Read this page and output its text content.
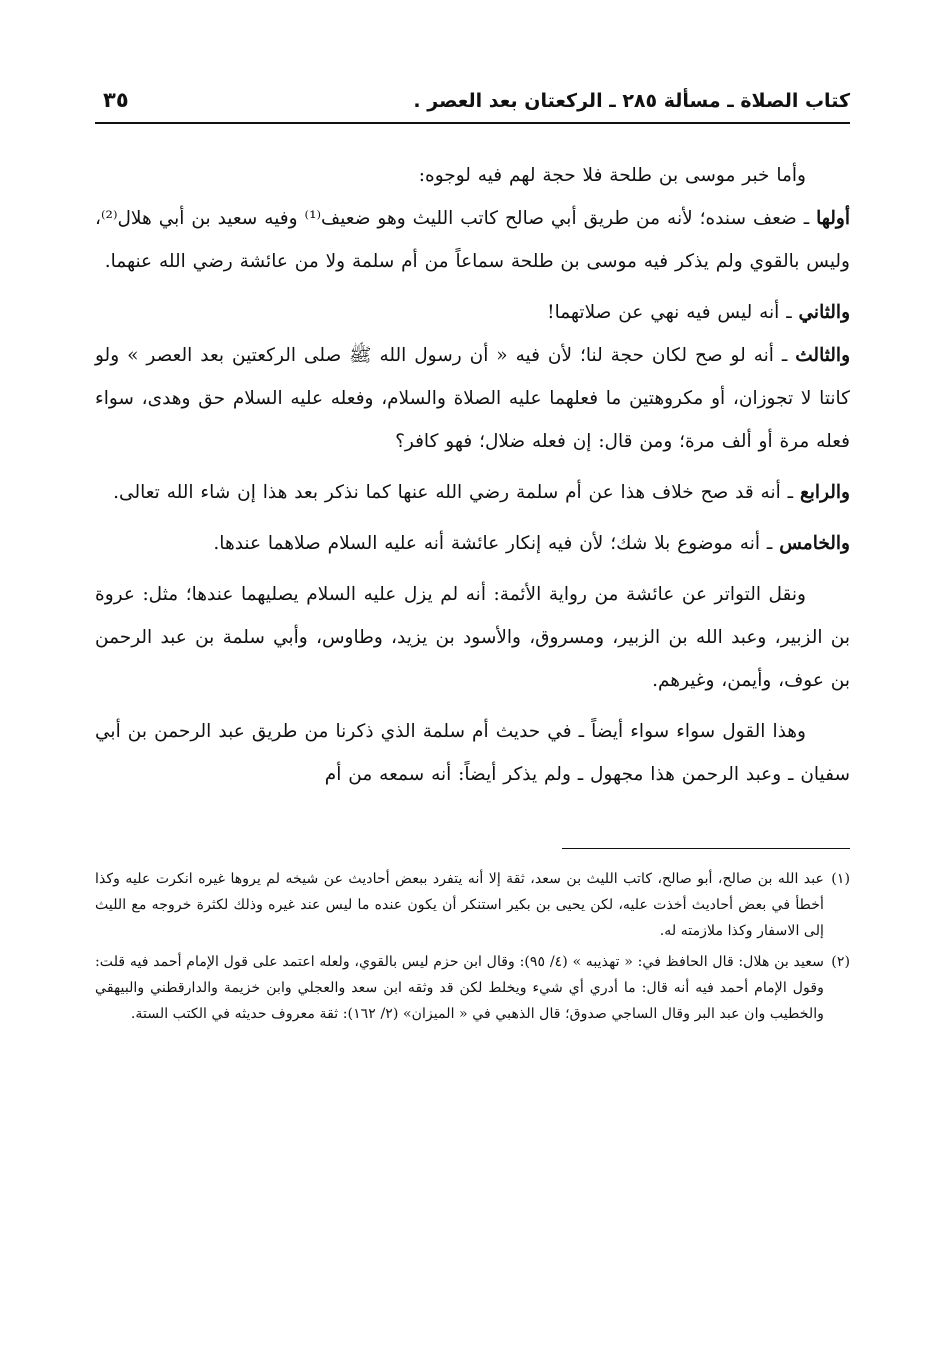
كتاب الصلاة ـ مسألة ٢٨٥ ـ الركعتان بعد العصر .
٣٥

وأما خبر موسى بن طلحة فلا حجة لهم فيه لوجوه:

أولها ـ ضعف سنده؛ لأنه من طريق أبي صالح كاتب الليث وهو ضعيف⁽¹⁾ وفيه سعيد بن أبي هلال⁽²⁾، وليس بالقوي ولم يذكر فيه موسى بن طلحة سماعاً من أم سلمة ولا من عائشة رضي الله عنهما.

والثاني ـ أنه ليس فيه نهي عن صلاتهما!

والثالث ـ أنه لو صح لكان حجة لنا؛ لأن فيه « أن رسول الله ﷺ صلى الركعتين بعد العصر » ولو كانتا لا تجوزان، أو مكروهتين ما فعلهما عليه الصلاة والسلام، وفعله عليه السلام حق وهدى، سواء فعله مرة أو ألف مرة؛ ومن قال: إن فعله ضلال؛ فهو كافر؟

والرابع ـ أنه قد صح خلاف هذا عن أم سلمة رضي الله عنها كما نذكر بعد هذا إن شاء الله تعالى.

والخامس ـ أنه موضوع بلا شك؛ لأن فيه إنكار عائشة أنه عليه السلام صلاهما عندها.

ونقل التواتر عن عائشة من رواية الأئمة: أنه لم يزل عليه السلام يصليهما عندها؛ مثل: عروة بن الزبير، وعبد الله بن الزبير، ومسروق، والأسود بن يزيد، وطاوس، وأبي سلمة بن عبد الرحمن بن عوف، وأيمن، وغيرهم.

وهذا القول سواء سواء أيضاً ـ في حديث أم سلمة الذي ذكرنا من طريق عبد الرحمن بن أبي سفيان ـ وعبد الرحمن هذا مجهول ـ ولم يذكر أيضاً: أنه سمعه من أم

(١)
عبد الله بن صالح، أبو صالح، كاتب الليث بن سعد، ثقة إلا أنه يتفرد ببعض أحاديث عن شيخه لم يروها غيره انكرت عليه وكذا أخطأ في بعض أحاديث أخذت عليه، لكن يحيى بن بكير استنكر أن يكون عنده ما ليس عند غيره وذلك لكثرة خروجه مع الليث إلى الاسفار وكذا ملازمته له.

(٢)
سعيد بن هلال: قال الحافظ في: « تهذيبه » (٤/ ٩٥): وقال ابن حزم ليس بالقوي، ولعله اعتمد على قول الإمام أحمد فيه قلت: وقول الإمام أحمد فيه أنه قال: ما أدري أي شيء ويخلط لكن قد وثقه ابن سعد والعجلي وابن خزيمة والدارقطني والبيهقي والخطيب وان عبد البر وقال الساجي صدوق؛ قال الذهبي في « الميزان» (٢/ ١٦٢): ثقة معروف حديثه في الكتب الستة.
